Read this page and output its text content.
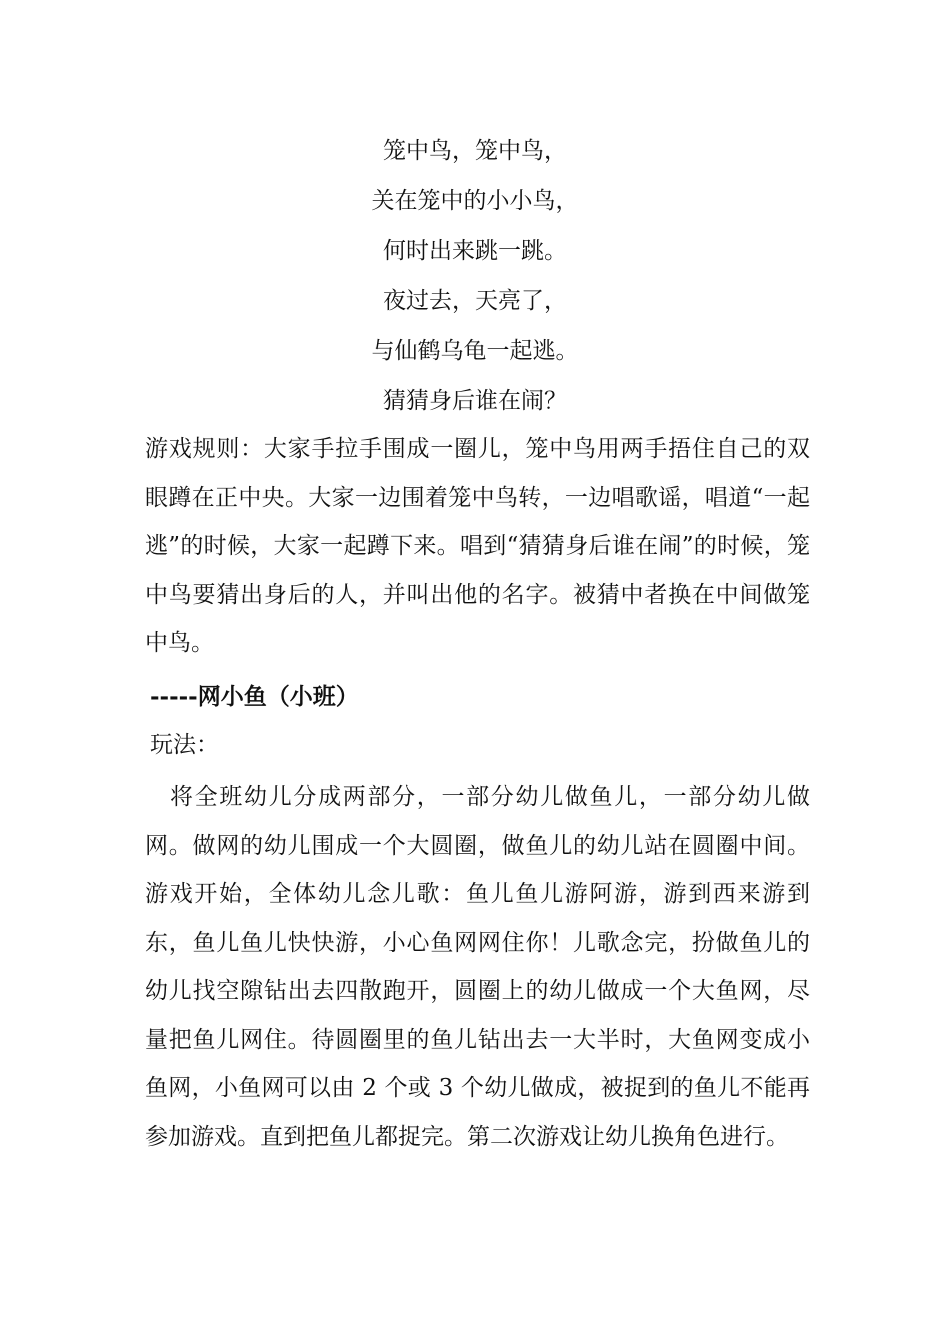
笼中鸟，笼中鸟，
关在笼中的小小鸟，
何时出来跳一跳。
夜过去，天亮了，
与仙鹤乌龟一起逃。
猜猜身后谁在闹？

游戏规则：大家手拉手围成一圈儿，笼中鸟用两手捂住自己的双眼蹲在正中央。大家一边围着笼中鸟转，一边唱歌谣，唱道“一起逃”的时候，大家一起蹲下来。唱到“猜猜身后谁在闹”的时候，笼中鸟要猜出身后的人，并叫出他的名字。被猜中者换在中间做笼中鸟。

-----网小鱼（小班）
玩法：

将全班幼儿分成两部分，一部分幼儿做鱼儿，一部分幼儿做网。做网的幼儿围成一个大圆圈，做鱼儿的幼儿站在圆圈中间。游戏开始，全体幼儿念儿歌：鱼儿鱼儿游阿游，游到西来游到东，鱼儿鱼儿快快游，小心鱼网网住你！儿歌念完，扮做鱼儿的幼儿找空隙钻出去四散跑开，圆圈上的幼儿做成一个大鱼网，尽量把鱼儿网住。待圆圈里的鱼儿钻出去一大半时，大鱼网变成小鱼网，小鱼网可以由 2 个或 3 个幼儿做成，被捉到的鱼儿不能再参加游戏。直到把鱼儿都捉完。第二次游戏让幼儿换角色进行。
